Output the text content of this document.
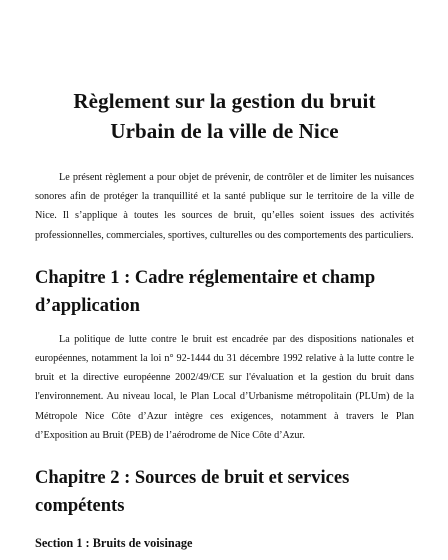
Règlement sur la gestion du bruit
Urbain de la ville de Nice

Le présent règlement a pour objet de prévenir, de contrôler et de limiter les nuisances sonores afin de protéger la tranquillité et la santé publique sur le territoire de la ville de Nice. Il s’applique à toutes les sources de bruit, qu’elles soient issues des activités professionnelles, commerciales, sportives, culturelles ou des comportements des particuliers.

Chapitre 1 : Cadre réglementaire et champ d’application

La politique de lutte contre le bruit est encadrée par des dispositions nationales et européennes, notamment la loi n° 92-1444 du 31 décembre 1992 relative à la lutte contre le bruit et la directive européenne 2002/49/CE sur l'évaluation et la gestion du bruit dans l'environnement. Au niveau local, le Plan Local d’Urbanisme métropolitain (PLUm) de la Métropole Nice Côte d’Azur intègre ces exigences, notamment à travers le Plan d’Exposition au Bruit (PEB) de l’aérodrome de Nice Côte d’Azur.

Chapitre 2 : Sources de bruit et services compétents
Section 1 : Bruits de voisinage
